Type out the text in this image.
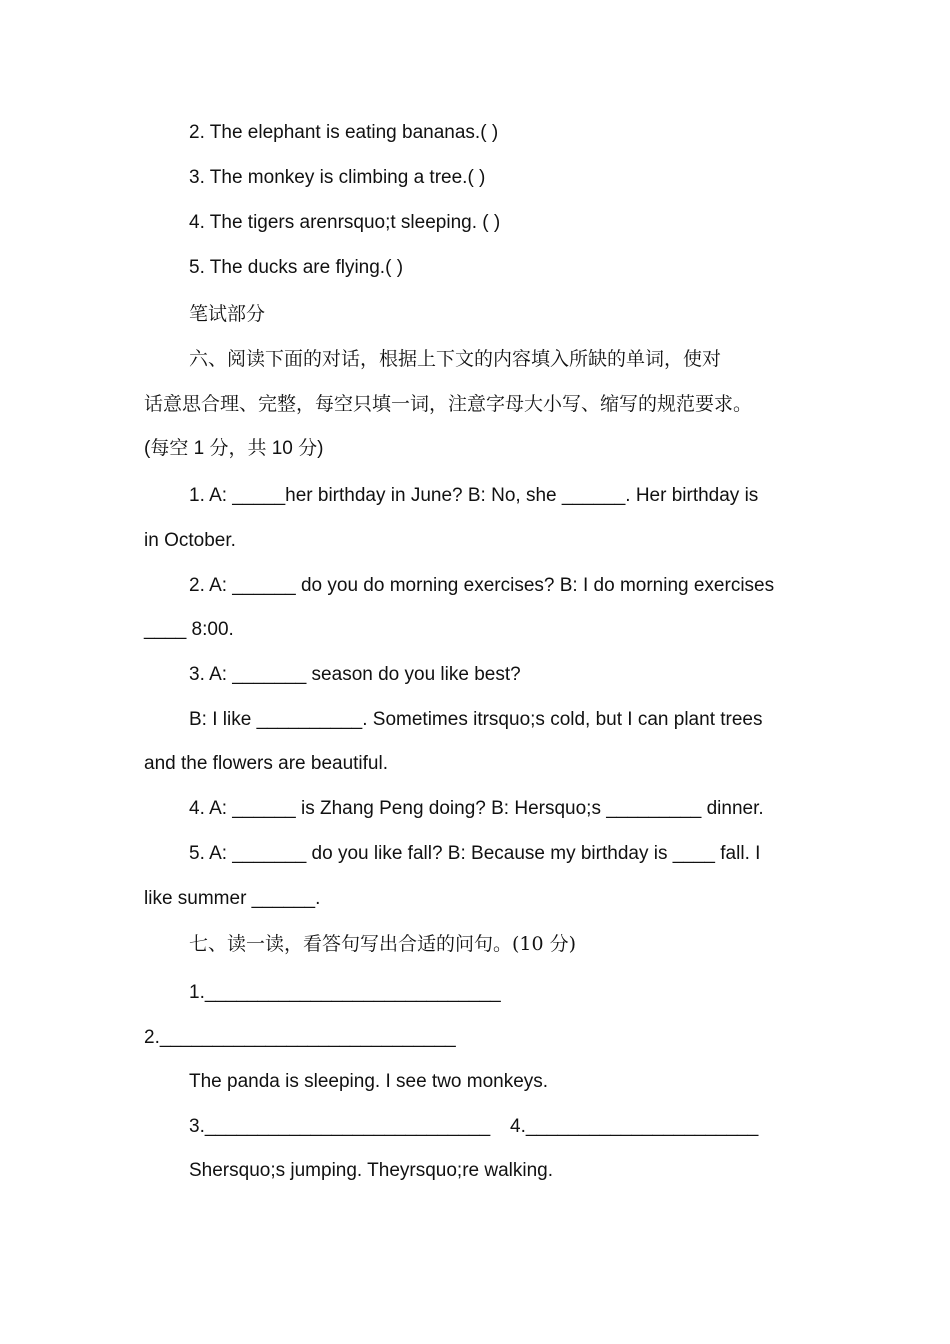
2. The elephant is eating bananas.( )
3. The monkey is climbing a tree.( )
4. The tigers arenrsquo;t sleeping. ( )
5. The ducks are flying.( )
笔试部分
六、阅读下面的对话，根据上下文的内容填入所缺的单词，使对
话意思合理、完整，每空只填一词，注意字母大小写、缩写的规范要求。
(每空 1 分，共 10 分)
1. A: _____her birthday in June? B: No, she ______. Her birthday is
in October.
2. A: ______ do you do morning exercises? B: I do morning exercises
____ 8:00.
3. A: _______ season do you like best?
B: I like __________. Sometimes itrsquo;s cold, but I can plant trees
and the flowers are beautiful.
4. A: ______ is Zhang Peng doing? B: Hersquo;s _________ dinner.
5. A: _______ do you like fall? B: Because my birthday is ____ fall. I
like summer ______.
七、读一读，看答句写出合适的问句。(10 分)
1.____________________________
2.____________________________
The panda is sleeping. I see two monkeys.
3.___________________________ 4.______________________
Shersquo;s jumping. Theyrsquo;re walking.
